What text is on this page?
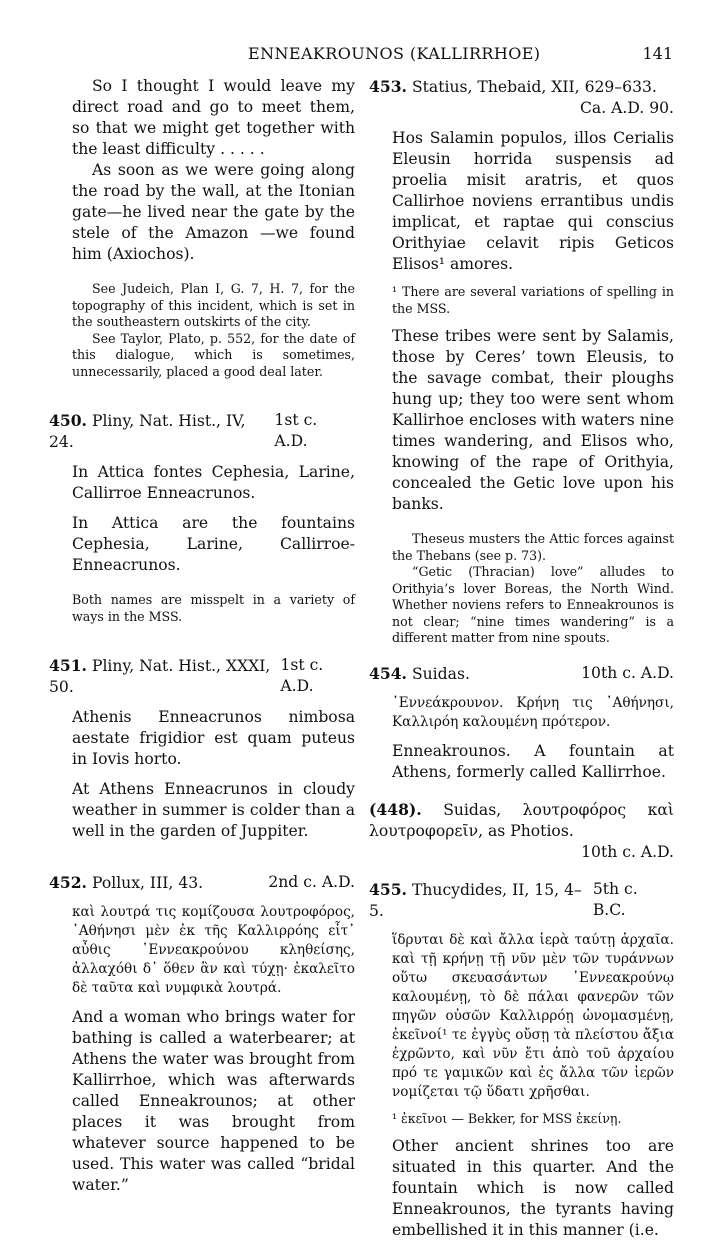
ENNEAKROUNOS (KALLIRRHOE)	141

So I thought I would leave my direct road and go to meet them, so that we might get together with the least difficulty . . . . .

As soon as we were going along the road by the wall, at the Itonian gate—he lived near the gate by the stele of the Amazon —we found him (Axiochos).

See Judeich, Plan I, G. 7, H. 7, for the topography of this incident, which is set in the southeastern outskirts of the city.

See Taylor, Plato, p. 552, for the date of this dialogue, which is sometimes, unnecessarily, placed a good deal later.

450. Pliny, Nat. Hist., IV, 24.
1st c. A.D.

In Attica fontes Cephesia, Larine, Callirroe Enneacrunos.

In Attica are the fountains Cephesia, Larine, Callirroe-Enneacrunos.

Both names are misspelt in a variety of ways in the MSS.

451. Pliny, Nat. Hist., XXXI, 50.
1st c. A.D.

Athenis Enneacrunos nimbosa aestate frigidior est quam puteus in Iovis horto.

At Athens Enneacrunos in cloudy weather in summer is colder than a well in the garden of Juppiter.

452. Pollux, III, 43.	2nd c. A.D.

καὶ λουτρά τις κομίζουσα λουτροφόρος, ᾿Αθήνησι μὲν ἐκ τῆς Καλλιρρόης εἶτ᾿ αὖθις ᾿Εννεακρούνου κληθείσης, ἀλλαχόθι δ᾿ ὅθεν ἂν καὶ τύχῃ· ἐκαλεῖτο δὲ ταῦτα καὶ νυμφικὰ λουτρά.

And a woman who brings water for bathing is called a waterbearer; at Athens the water was brought from Kallirrhoe, which was afterwards called Enneakrounos; at other places it was brought from whatever source happened to be used. This water was called “bridal water.”

453. Statius, Thebaid, XII, 629–633.
Ca. A.D. 90.

Hos Salamin populos, illos Cerialis Eleusin horrida suspensis ad proelia misit aratris, et quos Callirhoe noviens errantibus undis implicat, et raptae qui conscius Orithyiae celavit ripis Geticos Elisos¹ amores.

¹ There are several variations of spelling in the MSS.

These tribes were sent by Salamis, those by Ceres’ town Eleusis, to the savage combat, their ploughs hung up; they too were sent whom Kallirhoe encloses with waters nine times wandering, and Elisos who, knowing of the rape of Orithyia, concealed the Getic love upon his banks.

Theseus musters the Attic forces against the Thebans (see p. 73).

“Getic (Thracian) love” alludes to Orithyia’s lover Boreas, the North Wind. Whether noviens refers to Enneakrounos is not clear; “nine times wandering” is a different matter from nine spouts.

454. Suidas.	10th c. A.D.

᾿Εννεάκρουνον. Κρήνη τις ᾿Αθήνησι, Καλλιρόη καλουμένη πρότερον.

Enneakrounos. A fountain at Athens, formerly called Kallirrhoe.

(448). Suidas, λουτροφόρος καὶ λουτροφορεῖν, as Photios.

10th c. A.D.
455. Thucydides, II, 15, 4–5.
5th c. B.C.

ἵδρυται δὲ καὶ ἄλλα ἱερὰ ταύτῃ ἀρχαῖα. καὶ τῇ κρήνῃ τῇ νῦν μὲν τῶν τυράννων οὕτω σκευασάντων ᾿Εννεακρούνῳ καλουμένῃ, τὸ δὲ πάλαι φανερῶν τῶν πηγῶν οὐσῶν Καλλιρρόῃ ὠνομασμένῃ, ἐκεῖνοί¹ τε ἐγγὺς οὔσῃ τὰ πλείστου ἄξια ἐχρῶντο, καὶ νῦν ἔτι ἀπὸ τοῦ ἀρχαίου πρό τε γαμικῶν καὶ ἐς ἄλλα τῶν ἱερῶν νομίζεται τῷ ὕδατι χρῆσθαι.

¹ ἐκεῖνοι — Bekker, for MSS ἐκείνῃ.

Other ancient shrines too are situated in this quarter. And the fountain which is now called Enneakrounos, the tyrants having embellished it in this manner (i.e.
